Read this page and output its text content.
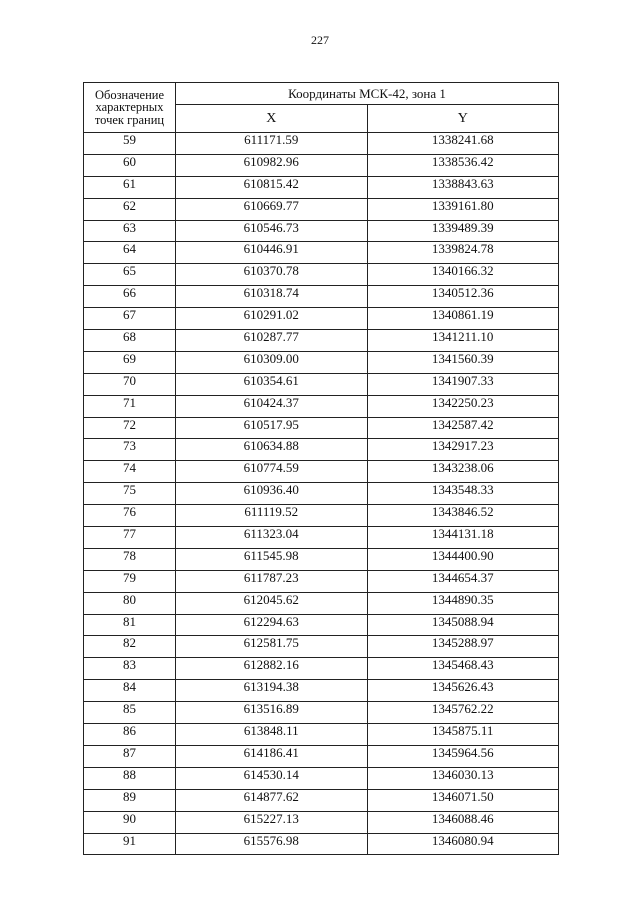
227
Обозначение характерных точек границ	Координаты МСК-42, зона 1	
	X	Y
59	611171.59	1338241.68
60	610982.96	1338536.42
61	610815.42	1338843.63
62	610669.77	1339161.80
63	610546.73	1339489.39
64	610446.91	1339824.78
65	610370.78	1340166.32
66	610318.74	1340512.36
67	610291.02	1340861.19
68	610287.77	1341211.10
69	610309.00	1341560.39
70	610354.61	1341907.33
71	610424.37	1342250.23
72	610517.95	1342587.42
73	610634.88	1342917.23
74	610774.59	1343238.06
75	610936.40	1343548.33
76	611119.52	1343846.52
77	611323.04	1344131.18
78	611545.98	1344400.90
79	611787.23	1344654.37
80	612045.62	1344890.35
81	612294.63	1345088.94
82	612581.75	1345288.97
83	612882.16	1345468.43
84	613194.38	1345626.43
85	613516.89	1345762.22
86	613848.11	1345875.11
87	614186.41	1345964.56
88	614530.14	1346030.13
89	614877.62	1346071.50
90	615227.13	1346088.46
91	615576.98	1346080.94
